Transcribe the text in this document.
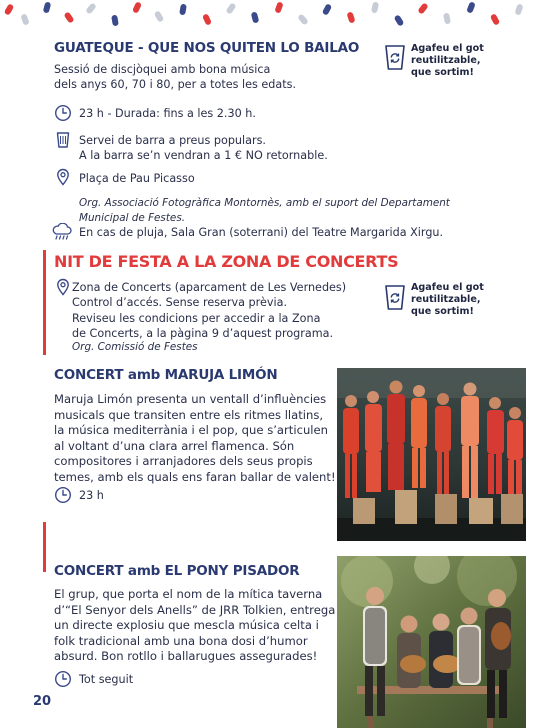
GUATEQUE - QUE NOS QUITEN LO BAILAO

Sessió de discjòquei amb bona música

dels anys 60, 70 i 80, per a totes les edats.

23 h - Durada: fins a les 2.30 h.

Servei de barra a preus populars.

A la barra se’n vendran a 1 € NO retornable.

Plaça de Pau Picasso

Org. Associació Fotogràfica Montornès, amb el suport del Departament

Municipal de Festes.

En cas de pluja, Sala Gran (soterrani) del Teatre Margarida Xirgu.

Agafeu el got

reutilitzable,

que sortim!

NIT DE FESTA A LA ZONA DE CONCERTS

Zona de Concerts (aparcament de Les Vernedes)

Control d’accés. Sense reserva prèvia.

Reviseu les condicions per accedir a la Zona

de Concerts, a la pàgina 9 d’aquest programa.

Org. Comissió de Festes

Agafeu el got

reutilitzable,

que sortim!

CONCERT amb MARUJA LIMÓN

Maruja Limón presenta un ventall d’influències

musicals que transiten entre els ritmes llatins,

la música mediterrània i el pop, que s’articulen

al voltant d’una clara arrel flamenca. Són

compositores i arranjadores dels seus propis

temes, amb els quals ens faran ballar de valent!

23 h
CONCERT amb EL PONY PISADOR

El grup, que porta el nom de la mítica taverna

d’“El Senyor dels Anells” de JRR Tolkien, entrega

un directe explosiu que mescla música celta i

folk tradicional amb una bona dosi d’humor

absurd. Bon rotllo i ballarugues assegurades!

Tot seguit
20
